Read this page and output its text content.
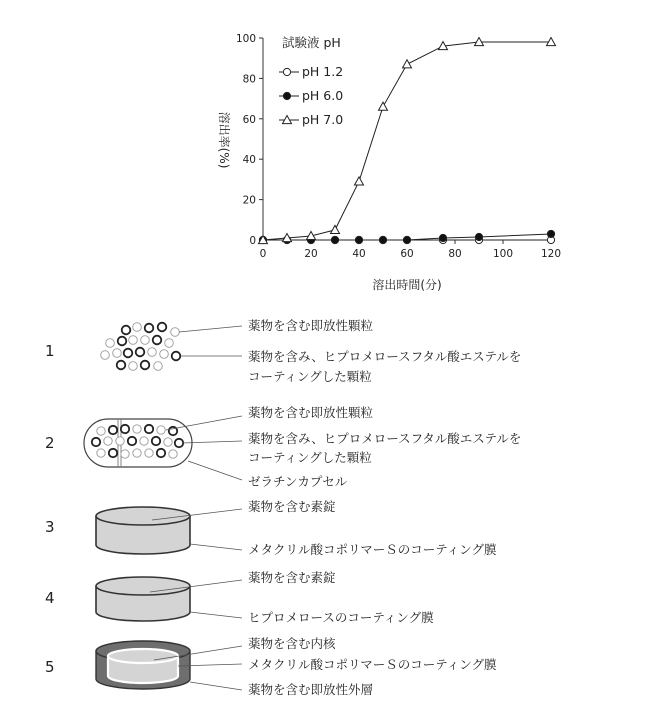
0
20
40
60
80
100
0	20	40	60	80	100	120
溶出率(%)
溶出時間(分)
試験液 pH
pH 1.2
pH 6.0
pH 7.0
1
薬物を含む即放性顆粒
薬物を含み、ヒプロメロースフタル酸エステルを
コーティングした顆粒
2
薬物を含む即放性顆粒
薬物を含み、ヒプロメロースフタル酸エステルを
コーティングした顆粒
ゼラチンカプセル
3
薬物を含む素錠
メタクリル酸コポリマーＳのコーティング膜
4
薬物を含む素錠
ヒプロメロースのコーティング膜
5
薬物を含む内核
メタクリル酸コポリマーＳのコーティング膜
薬物を含む即放性外層
